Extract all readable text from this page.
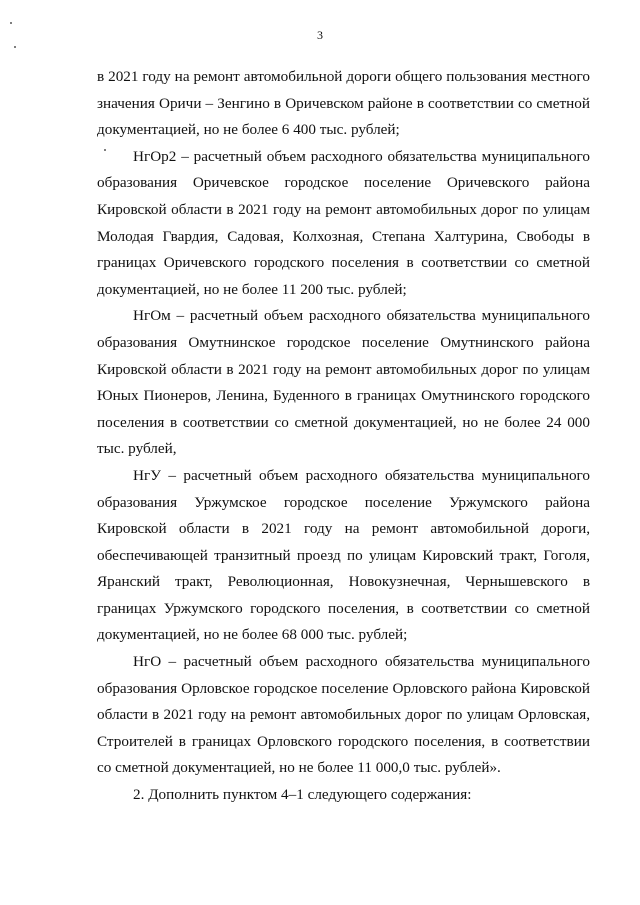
3

в 2021 году на ремонт автомобильной дороги общего пользования местного значения Оричи – Зенгино в Оричевском районе в соответствии со сметной документацией, но не более 6 400 тыс. рублей;

НгОр2 – расчетный объем расходного обязательства муниципального образования Оричевское городское поселение Оричевского района Кировской области в 2021 году на ремонт автомобильных дорог по улицам Молодая Гвардия, Садовая, Колхозная, Степана Халтурина, Свободы в границах Оричевского городского поселения в соответствии со сметной документацией, но не более 11 200 тыс. рублей;

НгОм – расчетный объем расходного обязательства муниципального образования Омутнинское городское поселение Омутнинского района Кировской области в 2021 году на ремонт автомобильных дорог по улицам Юных Пионеров, Ленина, Буденного в границах Омутнинского городского поселения в соответствии со сметной документацией, но не более 24 000 тыс. рублей,

НгУ – расчетный объем расходного обязательства муниципального образования Уржумское городское поселение Уржумского района Кировской области в 2021 году на ремонт автомобильной дороги, обеспечивающей транзитный проезд по улицам Кировский тракт, Гоголя, Яранский тракт, Революционная, Новокузнечная, Чернышевского в границах Уржумского городского поселения, в соответствии со сметной документацией, но не более 68 000 тыс. рублей;

НгО – расчетный объем расходного обязательства муниципального образования Орловское городское поселение Орловского района Кировской области в 2021 году на ремонт автомобильных дорог по улицам Орловская, Строителей в границах Орловского городского поселения, в соответствии со сметной документацией, но не более 11 000,0 тыс. рублей».

2. Дополнить пунктом 4–1 следующего содержания:
